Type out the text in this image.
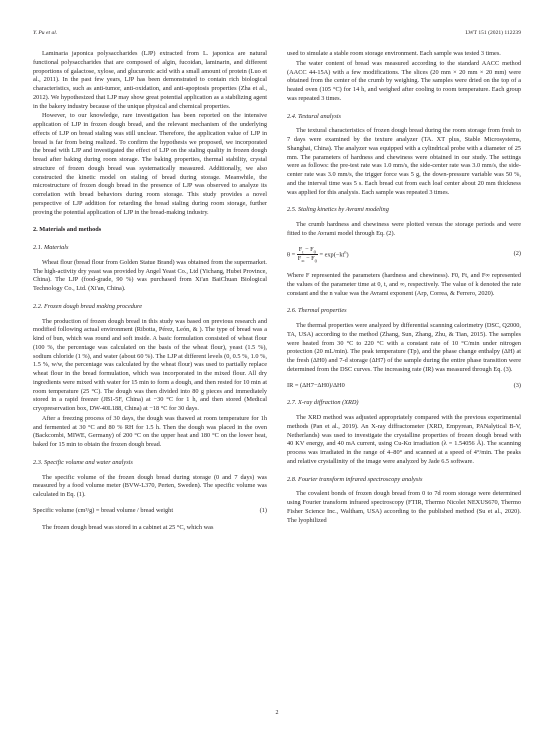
Y. Pu et al.	LWT 151 (2021) 112239

Laminaria japonica polysaccharides (LJP) extracted from L. japonica are natural functional polysaccharides that are composed of algin, fucoidan, laminarin, and different proportions of galactose, xylose, and glucuronic acid with a small amount of protein (Luo et al., 2011). In the past few years, LJP has been demonstrated to contain rich biological characteristics, such as anti-tumor, anti-oxidation, and anti-apoptosis properties (Zha et al., 2012). We hypothesized that LJP may show great potential application as a stabilizing agent in the bakery industry because of the unique physical and chemical properties.

However, to our knowledge, rare investigation has been reported on the intensive application of LJP in frozen dough bread, and the relevant mechanism of the underlying effects of LJP on bread staling was still unclear. Therefore, the application value of LJP in bread is far from being realized. To confirm the hypothesis we proposed, we incorporated the bread with LJP and investigated the effect of LJP on the staling quality in frozen dough bread after baking during room storage. The baking properties, thermal stability, crystal structure of frozen dough bread was systematically measured. Additionally, we also constructed the kinetic model on staling of bread during storage. Meanwhile, the microstructure of frozen dough bread in the presence of LJP was observed to analyze its correlation with bread behaviors during room storage. This study provides a novel perspective of LJP addition for retarding the bread staling during room storage, further proving the potential application of LJP in the bread-making industry.

2. Materials and methods
2.1. Materials

Wheat flour (bread flour from Golden Statue Brand) was obtained from the supermarket. The high-activity dry yeast was provided by Angel Yeast Co., Ltd (Yichang, Hubei Province, China). The LJP (food-grade, 90 %) was purchased from Xi'an BaiChuan Biological Technology Co., Ltd. (Xi'an, China).

2.2. Frozen dough bread making procedure

The production of frozen dough bread in this study was based on previous research and modified following actual environment (Ribotta, Pérez, León, & ). The type of bread was a kind of bun, which was round and soft inside. A basic formulation consisted of wheat flour (100 %, the percentage was calculated on the basis of the wheat flour), yeast (1.5 %), sodium chloride (1 %), and water (about 60 %). The LJP at different levels (0, 0.5 %, 1.0 %, 1.5 %, w/w, the percentage was calculated by the wheat flour) was used to partially replace wheat flour in the bread formulation, which was incorporated in the mixed flour. All dry ingredients were mixed with water for 15 min to form a dough, and then rested for 10 min at room temperature (25 °C). The dough was then divided into 80 g pieces and immediately stored in a rapid freezer (JB1-5F, China) at −30 °C for 1 h, and then stored (Medical cryopreservation box, DW-40L188, China) at −18 °C for 30 days.

After a freezing process of 30 days, the dough was thawed at room temperature for 1h and fermented at 30 °C and 80 % RH for 1.5 h. Then the dough was placed in the oven (Backcombi, MIWE, Germany) of 200 °C on the upper heat and 180 °C on the lower heat, baked for 15 min to obtain the frozen dough bread.

2.3. Specific volume and water analysis

The specific volume of the frozen dough bread during storage (0 and 7 days) was measured by a food volume meter (BVW-L370, Perten, Sweden). The specific volume was calculated in Eq. (1).

Specific volume (cm³/g) = bread volume / bread weight	(1)

The frozen dough bread was stored in a cabinet at 25 °C, which was

used to simulate a stable room storage environment. Each sample was tested 3 times.

The water content of bread was measured according to the standard AACC method (AACC 44-15A) with a few modifications. The slices (20 mm × 20 mm × 20 mm) were obtained from the center of the crumb by weighing. The samples were dried on the top of a heated oven (105 °C) for 14 h, and weighed after cooling to room temperature. Each group was repeated 3 times.

2.4. Textural analysis

The textural characteristics of frozen dough bread during the room storage from fresh to 7 days were examined by the texture analyzer (TA. XT plus, Stable Microsystems, Shanghai, China). The analyzer was equipped with a cylindrical probe with a diameter of 25 mm. The parameters of hardness and chewiness were obtained in our study. The settings were as follows: the pre-test rate was 1.0 mm/s, the side-center rate was 3.0 mm/s, the side-center rate was 3.0 mm/s, the trigger force was 5 g, the down-pressure variable was 50 %, and the interval time was 5 s. Each bread cut from each loaf center about 20 mm thickness was applied for this analysis. Each sample was repeated 3 times.

2.5. Staling kinetics by Avrami modeling

The crumb hardness and chewiness were plotted versus the storage periods and were fitted to the Avrami model through Eq. (2).

$\theta = \frac{F_t - F_0}{F_\infty - F_0} = \exp(-kt^n)$	(2)

Where F represented the parameters (hardness and chewiness). F0, Ft, and F∞ represented the values of the parameter time at 0, t, and ∞, respectively. The value of k denoted the rate constant and the n value was the Avrami exponent (Arp, Correa, & Ferrero, 2020).

2.6. Thermal properties

The thermal properties were analyzed by differential scanning calorimetry (DSC, Q2000, TA, USA) according to the method (Zhang, Sun, Zhang, Zhu, & Tian, 2015). The samples were heated from 30 °C to 220 °C with a constant rate of 10 °C/min under nitrogen protection (20 mL/min). The peak temperature (Tp), and the phase change enthalpy (ΔH) at the fresh (ΔH0) and 7-d storage (ΔH7) of the sample during the entire phase transition were determined from the DSC curves. The increasing rate (IR) was measured through Eq. (3).

IR = (ΔH7−ΔH0)/ΔH0	(3)
2.7. X-ray diffraction (XRD)

The XRD method was adjusted appropriately compared with the previous experimental methods (Pan et al., 2019). An X-ray diffractometer (XRD, Empyrean, PANalytical B-V, Netherlands) was used to investigate the crystalline properties of frozen dough bread with 40 KV energy, and 40 mA current, using Cu-Kα irradiation (λ = 1.54056 Å). The scanning process was irradiated in the range of 4–80° and scanned at a speed of 4°/min. The peaks and relative crystallinity of the image were analyzed by Jade 6.5 software.

2.8. Fourier transform infrared spectroscopy analysis

The covalent bonds of frozen dough bread from 0 to 7d room storage were determined using Fourier transform infrared spectroscopy (FTIR, Thermo Nicolet NEXUS670, Thermo Fisher Science Inc., Waltham, USA) according to the published method (Su et al., 2020). The lyophilized

2
